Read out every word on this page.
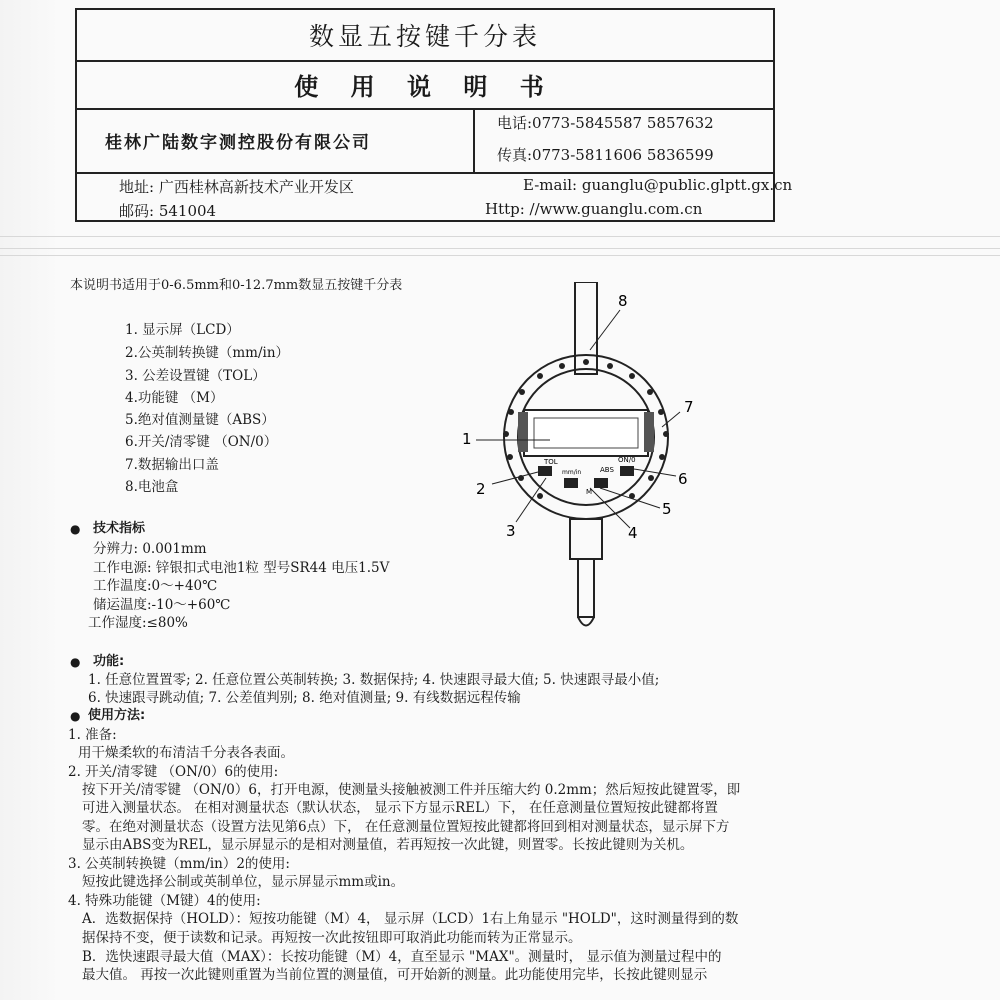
数显五按键千分表
使 用 说 明 书
桂林广陆数字测控股份有限公司
电话:0773-5845587 5857632
传真:0773-5811606 5836599
地址: 广西桂林高新技术产业开发区
邮码: 541004
E-mail: guanglu@public.glptt.gx.cn
Http: //www.guanglu.com.cn
本说明书适用于0-6.5mm和0-12.7mm数显五按键千分表
1. 显示屏（LCD）
2.公英制转换键（mm/in）
3. 公差设置键（TOL）
4.功能键 （M）
5.绝对值测量键（ABS）
6.开关/清零键 （ON/0）
7.数据输出口盖
8.电池盒
TOL
M
ABS
ON/0
mm/in
8
7
1
2
6
5
4
3
● 技术指标
分辨力: 0.001mm
工作电源: 锌银扣式电池1粒 型号SR44 电压1.5V
工作温度:0～+40℃
储运温度:-10～+60℃
工作湿度:≤80%
● 功能:
1. 任意位置置零; 2. 任意位置公英制转换; 3. 数据保持; 4. 快速跟寻最大值; 5. 快速跟寻最小值;
6. 快速跟寻跳动值; 7. 公差值判别; 8. 绝对值测量; 9. 有线数据远程传输
● 使用方法:
1. 准备:
用干燥柔软的布清洁千分表各表面。
2. 开关/清零键 （ON/0）6的使用:
按下开关/清零键 （ON/0）6，打开电源，使测量头接触被测工件并压缩大约 0.2mm；然后短按此键置零，即
可进入测量状态。 在相对测量状态（默认状态， 显示下方显示REL）下， 在任意测量位置短按此键都将置
零。在绝对测量状态（设置方法见第6点）下， 在任意测量位置短按此键都将回到相对测量状态，显示屏下方
显示由ABS变为REL，显示屏显示的是相对测量值，若再短按一次此键，则置零。长按此键则为关机。
3. 公英制转换键（mm/in）2的使用:
短按此键选择公制或英制单位，显示屏显示mm或in。
4. 特殊功能键（M键）4的使用:
A．选数据保持（HOLD）：短按功能键（M）4， 显示屏（LCD）1右上角显示 "HOLD"，这时测量得到的数
据保持不变，便于读数和记录。再短按一次此按钮即可取消此功能而转为正常显示。
B．选快速跟寻最大值（MAX）：长按功能键（M）4，直至显示 "MAX"。测量时， 显示值为测量过程中的
最大值。 再按一次此键则重置为当前位置的测量值，可开始新的测量。此功能使用完毕，长按此键则显示
